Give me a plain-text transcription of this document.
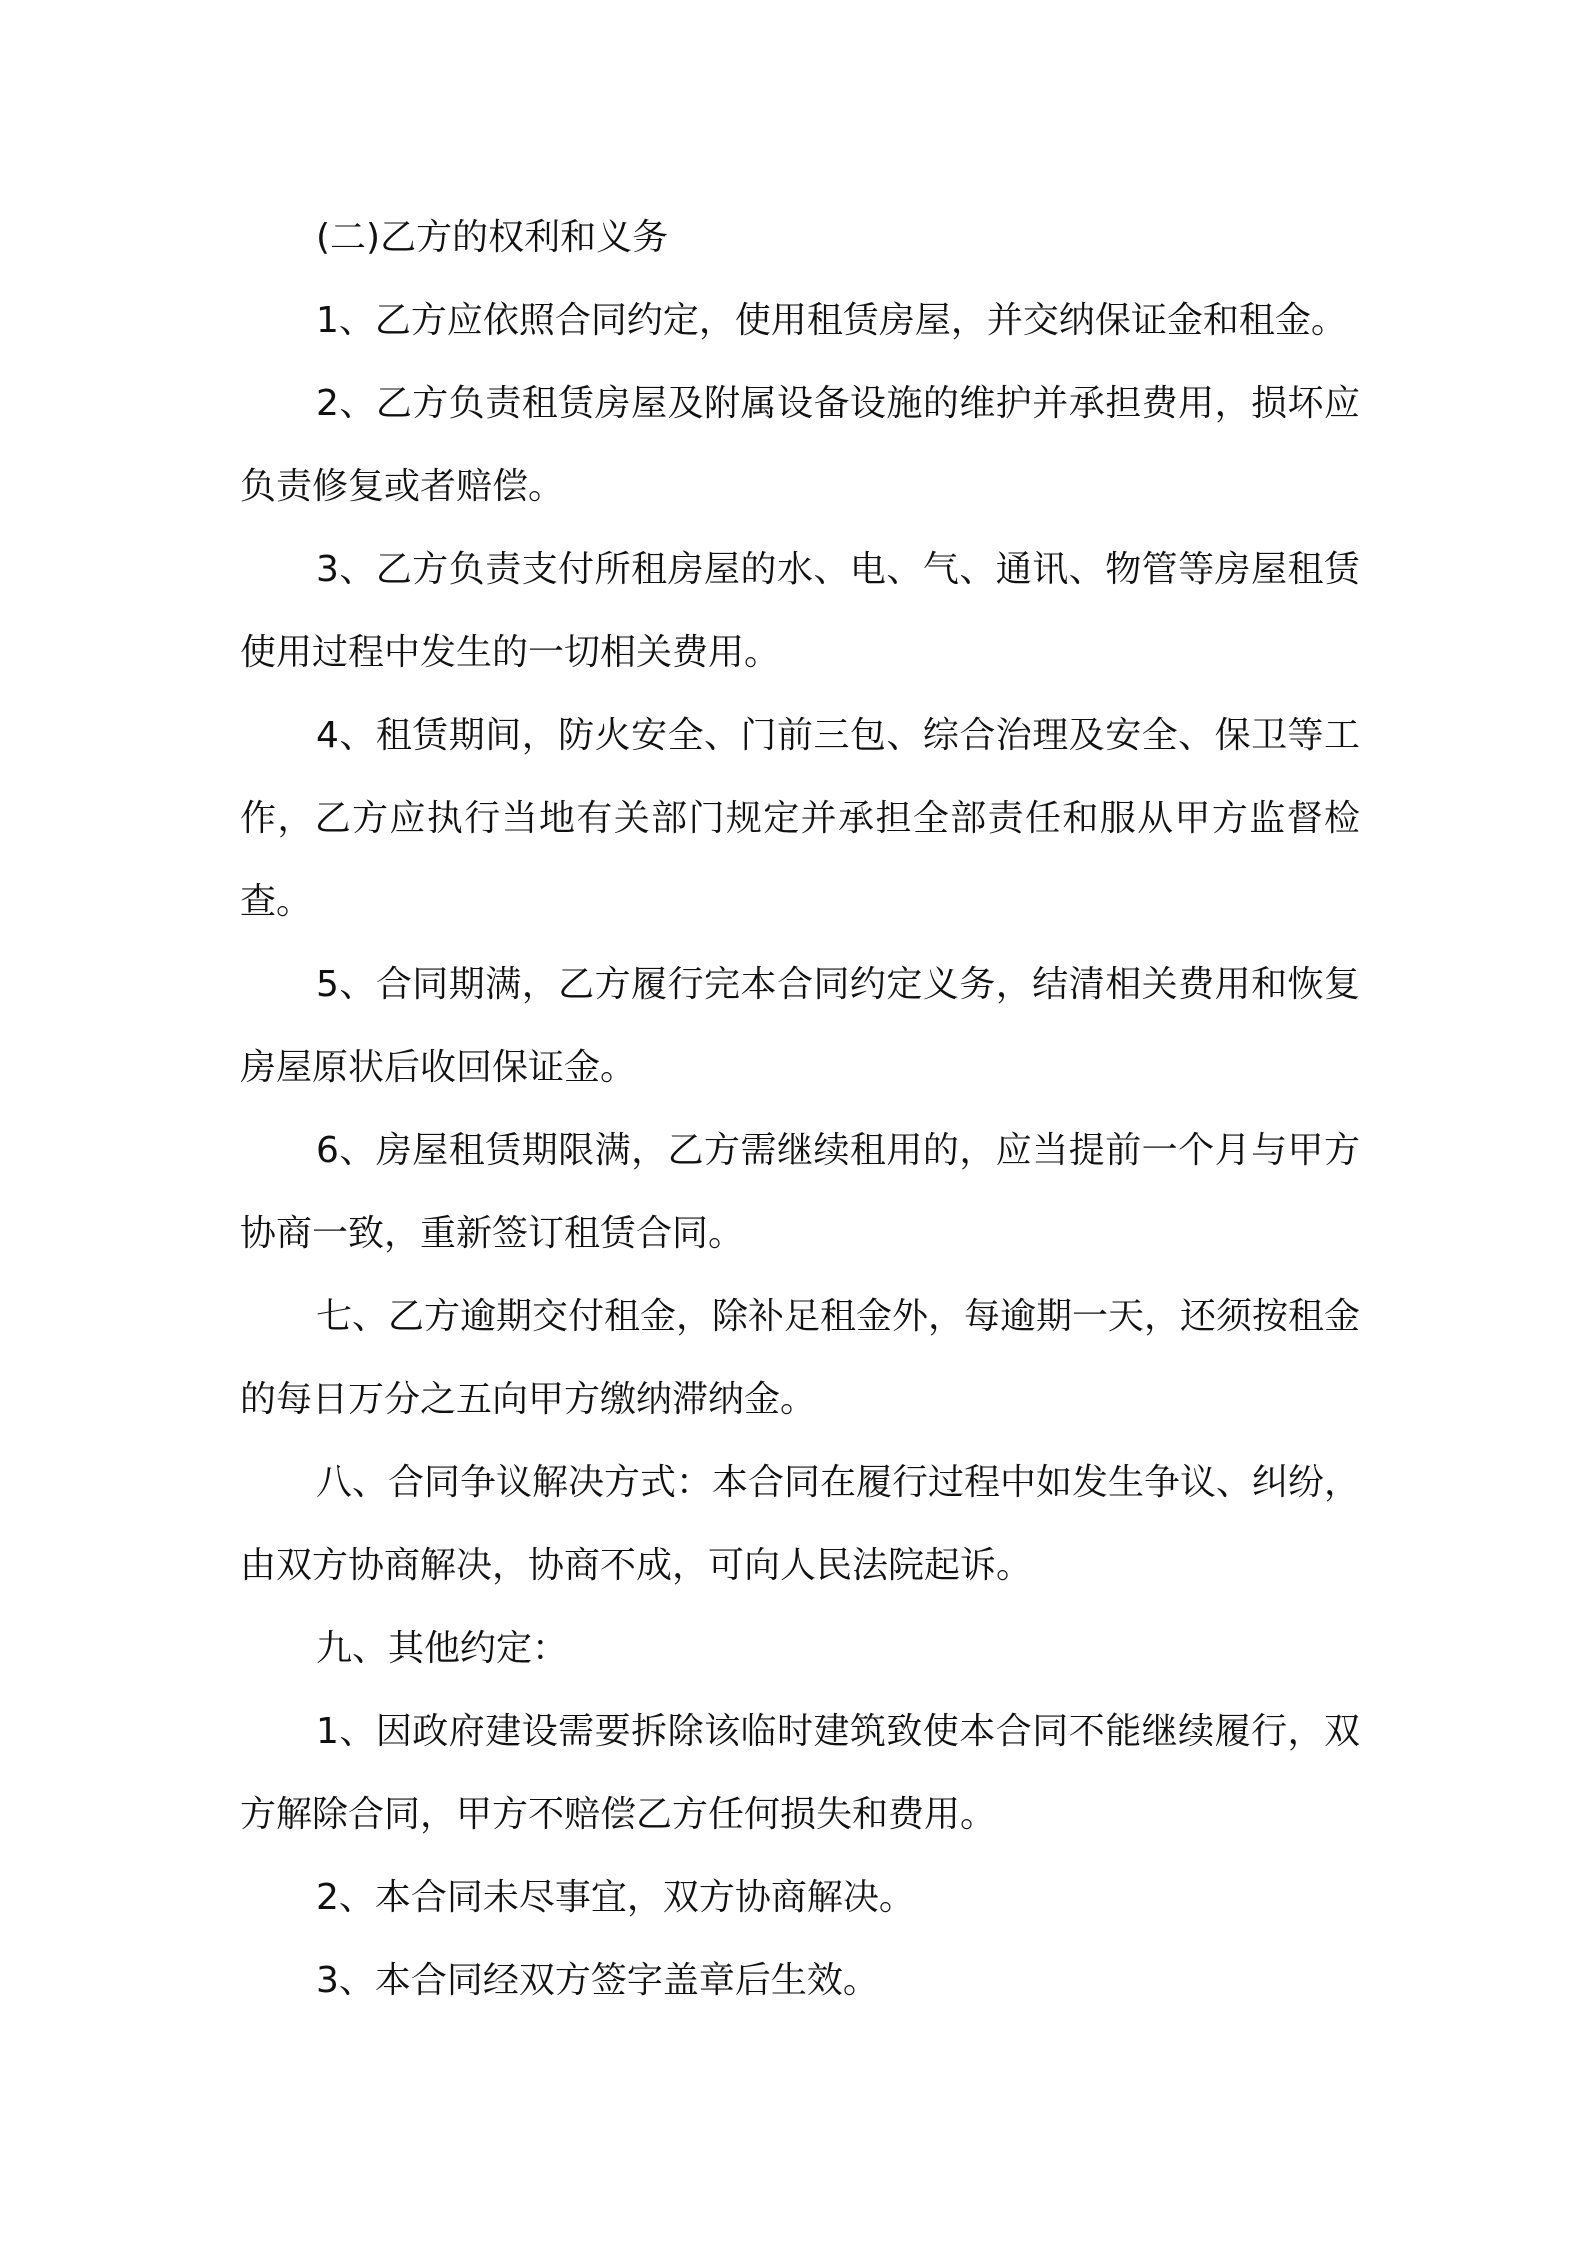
(二)乙方的权利和义务

1、乙方应依照合同约定，使用租赁房屋，并交纳保证金和租金。

2、乙方负责租赁房屋及附属设备设施的维护并承担费用，损坏应负责修复或者赔偿。

3、乙方负责支付所租房屋的水、电、气、通讯、物管等房屋租赁使用过程中发生的一切相关费用。

4、租赁期间，防火安全、门前三包、综合治理及安全、保卫等工作，乙方应执行当地有关部门规定并承担全部责任和服从甲方监督检查。

5、合同期满，乙方履行完本合同约定义务，结清相关费用和恢复房屋原状后收回保证金。

6、房屋租赁期限满，乙方需继续租用的，应当提前一个月与甲方协商一致，重新签订租赁合同。

七、乙方逾期交付租金，除补足租金外，每逾期一天，还须按租金的每日万分之五向甲方缴纳滞纳金。

八、合同争议解决方式：本合同在履行过程中如发生争议、纠纷，由双方协商解决，协商不成，可向人民法院起诉。

九、其他约定：

1、因政府建设需要拆除该临时建筑致使本合同不能继续履行，双方解除合同，甲方不赔偿乙方任何损失和费用。

2、本合同未尽事宜，双方协商解决。

3、本合同经双方签字盖章后生效。
